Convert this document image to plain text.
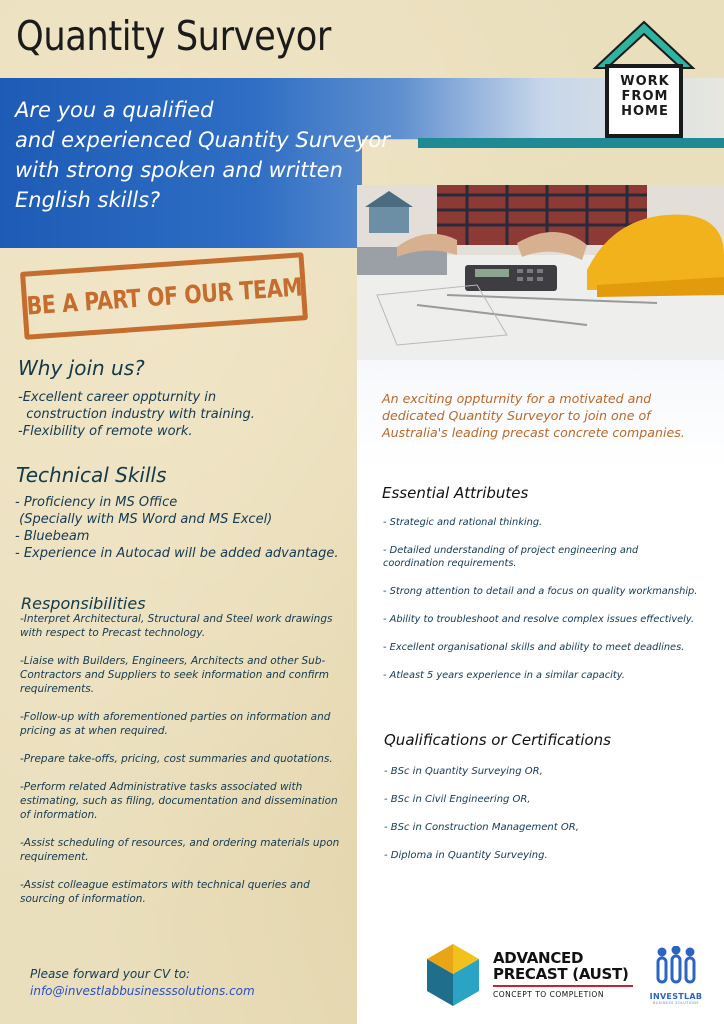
Quantity Surveyor
WORK
FROM
HOME
Are you a qualified
and experienced Quantity Surveyor
with strong spoken and written
English skills?
BE A PART OF OUR TEAM
Why join us?
-Excellent career oppturnity in
construction industry with training.
-Flexibility of remote work.
Technical Skills
- Proficiency in MS Office
(Specially with MS Word and MS Excel)
- Bluebeam
- Experience in Autocad will be added advantage.
Responsibilities

-Interpret Architectural, Structural and Steel work drawings with respect to Precast technology.

-Liaise with Builders, Engineers, Architects and other Sub-Contractors and Suppliers to seek information and confirm requirements.

-Follow-up with aforementioned parties on information and pricing as at when required.

-Prepare take-offs, pricing, cost summaries and quotations.

-Perform related Administrative tasks associated with estimating, such as filing, documentation and dissemination of information.

-Assist scheduling of resources, and ordering materials upon requirement.

-Assist colleague estimators with technical queries and sourcing of information.

Please forward your CV to:
info@investlabbusinesssolutions.com
An exciting oppturnity for a motivated and dedicated Quantity Surveyor to join one of Australia's leading precast concrete companies.
Essential Attributes

- Strategic and rational thinking.

- Detailed understanding of project engineering and
coordination requirements.

- Strong attention to detail and a focus on quality workmanship.

- Ability to troubleshoot and resolve complex issues effectively.

- Excellent organisational skills and ability to meet deadlines.

- Atleast 5 years experience in a similar capacity.

Qualifications or Certifications

- BSc in Quantity Surveying OR,

- BSc in Civil Engineering OR,

- BSc in Construction Management OR,

- Diploma in Quantity Surveying.

ADVANCED
PRECAST (AUST)
CONCEPT TO COMPLETION	INVESTLAB
BUSINESS SOLUTIONS
